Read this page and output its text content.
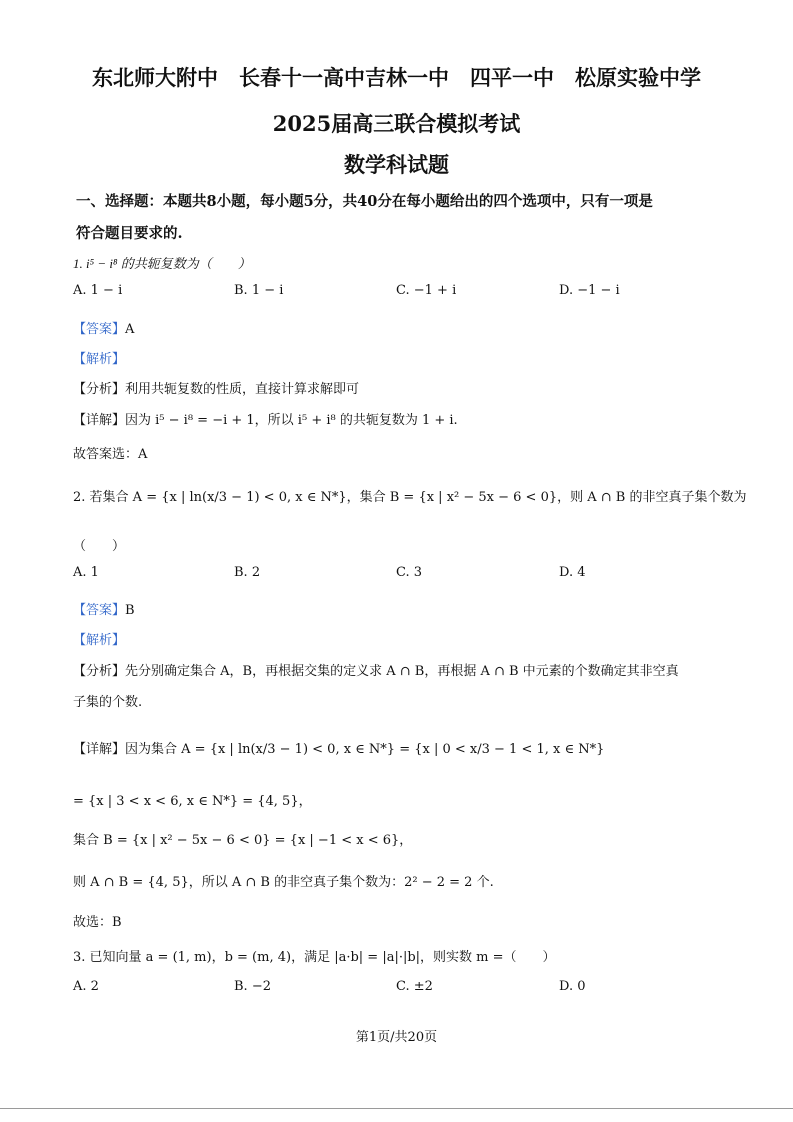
东北师大附中　长春十一高中吉林一中　四平一中　松原实验中学
2025届高三联合模拟考试
数学科试题
一、选择题：本题共8小题，每小题5分，共40分在每小题给出的四个选项中，只有一项是
符合题目要求的.
1. i⁵ − i⁸ 的共轭复数为（　　）
A. 1 − i	B. 1 − i	C. −1 + i	D. −1 − i
【答案】A
【解析】
【分析】利用共轭复数的性质，直接计算求解即可
【详解】因为 i⁵ − i⁸ = −i + 1，所以 i⁵ + i⁸ 的共轭复数为 1 + i.
故答案选：A
2. 若集合 A = {x | ln(x/3 − 1) < 0, x ∈ N*}，集合 B = {x | x² − 5x − 6 < 0}，则 A ∩ B 的非空真子集个数为
（　　）
A. 1	B. 2	C. 3	D. 4
【答案】B
【解析】
【分析】先分别确定集合 A，B，再根据交集的定义求 A ∩ B，再根据 A ∩ B 中元素的个数确定其非空真
子集的个数.
【详解】因为集合 A = {x | ln(x/3 − 1) < 0, x ∈ N*} = {x | 0 < x/3 − 1 < 1, x ∈ N*}
= {x | 3 < x < 6, x ∈ N*} = {4, 5}，
集合 B = {x | x² − 5x − 6 < 0} = {x | −1 < x < 6}，
则 A ∩ B = {4, 5}，所以 A ∩ B 的非空真子集个数为：2² − 2 = 2 个.
故选：B
3. 已知向量 a = (1, m)，b = (m, 4)，满足 |a·b| = |a|·|b|，则实数 m =（　　）
A. 2	B. −2	C. ±2	D. 0
第1页/共20页
